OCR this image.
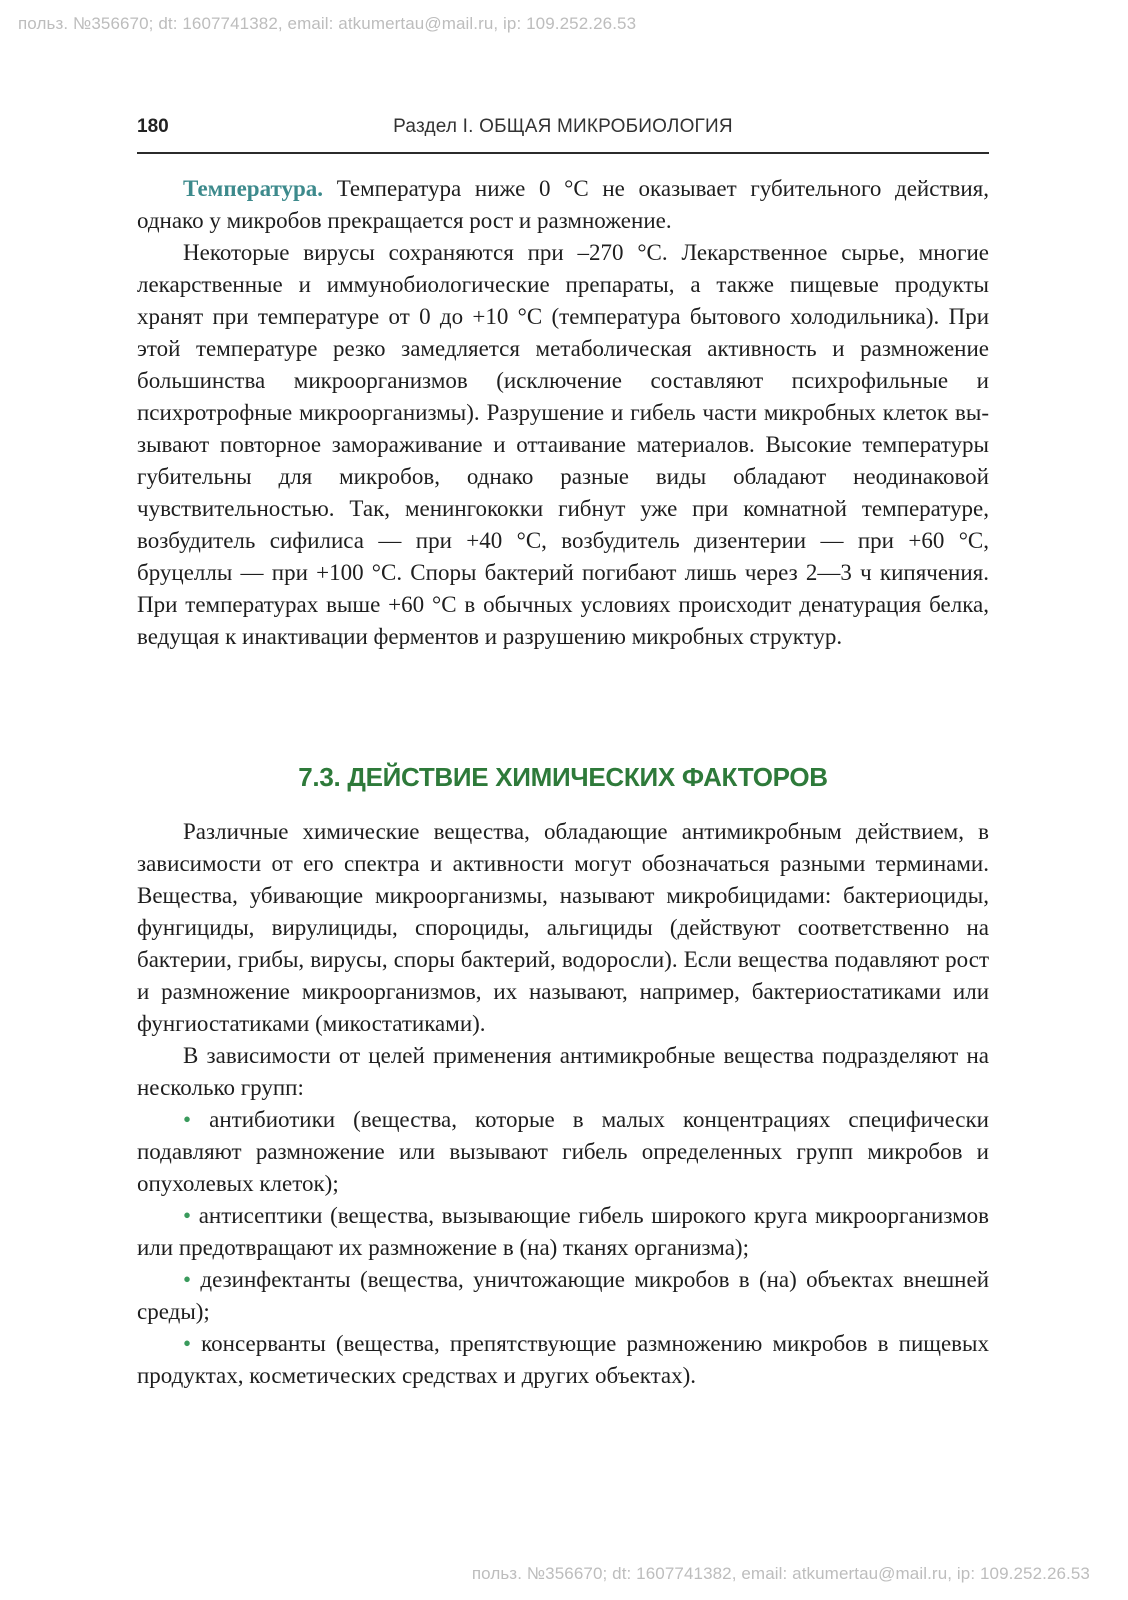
польз. №356670; dt: 1607741382, email: atkumertau@mail.ru, ip: 109.252.26.53
180	Раздел I. ОБЩАЯ МИКРОБИОЛОГИЯ

Температура. Температура ниже 0 °С не оказывает губительного действия, однако у микробов прекращается рост и размножение.

Некоторые вирусы сохраняются при –270 °С. Лекарственное сырье, многие лекарственные и иммунобиологические препараты, а также пищевые продукты хранят при температуре от 0 до +10 °С (температура бытового холодильника). При этой температуре резко замедляется метаболическая активность и размножение большинства микроорганизмов (исключение составляют психрофильные и психротрофные микроорганизмы). Разрушение и гибель части микробных клеток вызывают повторное замораживание и оттаивание материалов. Высокие температуры губительны для микробов, однако разные виды обладают неодинаковой чувствительностью. Так, менингококки гибнут уже при комнатной температуре, возбудитель сифилиса — при +40 °С, возбудитель дизентерии — при +60 °С, бруцеллы — при +100 °С. Споры бактерий погибают лишь через 2—3 ч кипячения. При температурах выше +60 °С в обычных условиях происходит денатурация белка, ведущая к инактивации ферментов и разрушению микробных структур.

7.3. ДЕЙСТВИЕ ХИМИЧЕСКИХ ФАКТОРОВ

Различные химические вещества, обладающие антимикробным действием, в зависимости от его спектра и активности могут обозначаться разными терминами. Вещества, убивающие микроорганизмы, называют микробицидами: бактериоциды, фунгициды, вирулициды, спороциды, альгициды (действуют соответственно на бактерии, грибы, вирусы, споры бактерий, водоросли). Если вещества подавляют рост и размножение микроорганизмов, их называют, например, бактериостатиками или фунгиостатиками (микостатиками).

В зависимости от целей применения антимикробные вещества подразделяют на несколько групп:

• антибиотики (вещества, которые в малых концентрациях специфически подавляют размножение или вызывают гибель определенных групп микробов и опухолевых клеток);

• антисептики (вещества, вызывающие гибель широкого круга микроорганизмов или предотвращают их размножение в (на) тканях организма);

• дезинфектанты (вещества, уничтожающие микробов в (на) объектах внешней среды);

• консерванты (вещества, препятствующие размножению микробов в пищевых продуктах, косметических средствах и других объектах).

польз. №356670; dt: 1607741382, email: atkumertau@mail.ru, ip: 109.252.26.53
